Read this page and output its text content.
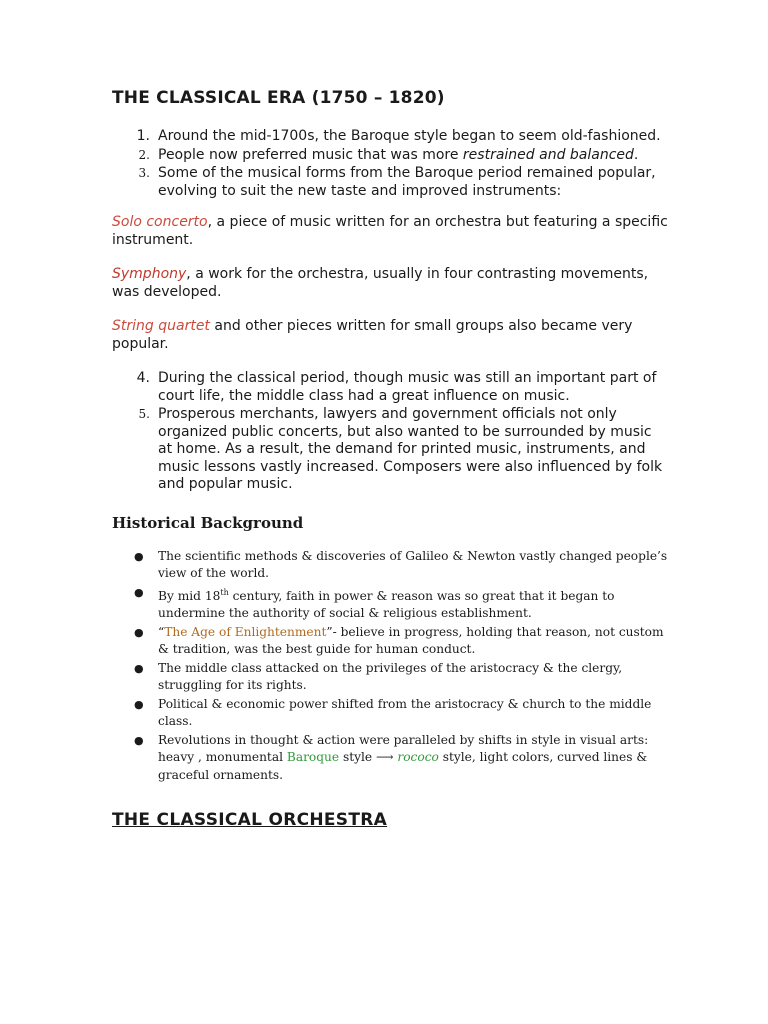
THE CLASSICAL ERA (1750 – 1820)
1. Around the mid-1700s, the Baroque style began to seem old-fashioned.
2. People now preferred music that was more restrained and balanced.
3. Some of the musical forms from the Baroque period remained popular, evolving to suit the new taste and improved instruments:

Solo concerto, a piece of music written for an orchestra but featuring a specific instrument.

Symphony, a work for the orchestra, usually in four contrasting movements, was developed.

String quartet and other pieces written for small groups also became very popular.

4. During the classical period, though music was still an important part of court life, the middle class had a great influence on music.
5. Prosperous merchants, lawyers and government officials not only organized public concerts, but also wanted to be surrounded by music at home. As a result, the demand for printed music, instruments, and music lessons vastly increased. Composers were also influenced by folk and popular music.
Historical Background
●	The scientific methods & discoveries of Galileo & Newton vastly changed people’s view of the world.
●	By mid 18th century, faith in power & reason was so great that it began to undermine the authority of social & religious establishment.
●	“The Age of Enlightenment”- believe in progress, holding that reason, not custom & tradition, was the best guide for human conduct.
●	The middle class attacked on the privileges of the aristocracy & the clergy, struggling for its rights.
●	Political & economic power shifted from the aristocracy & church to the middle class.
●	Revolutions in thought & action were paralleled by shifts in style in visual arts: heavy , monumental Baroque style ⟶ rococo style, light colors, curved lines & graceful ornaments.
THE CLASSICAL ORCHESTRA
